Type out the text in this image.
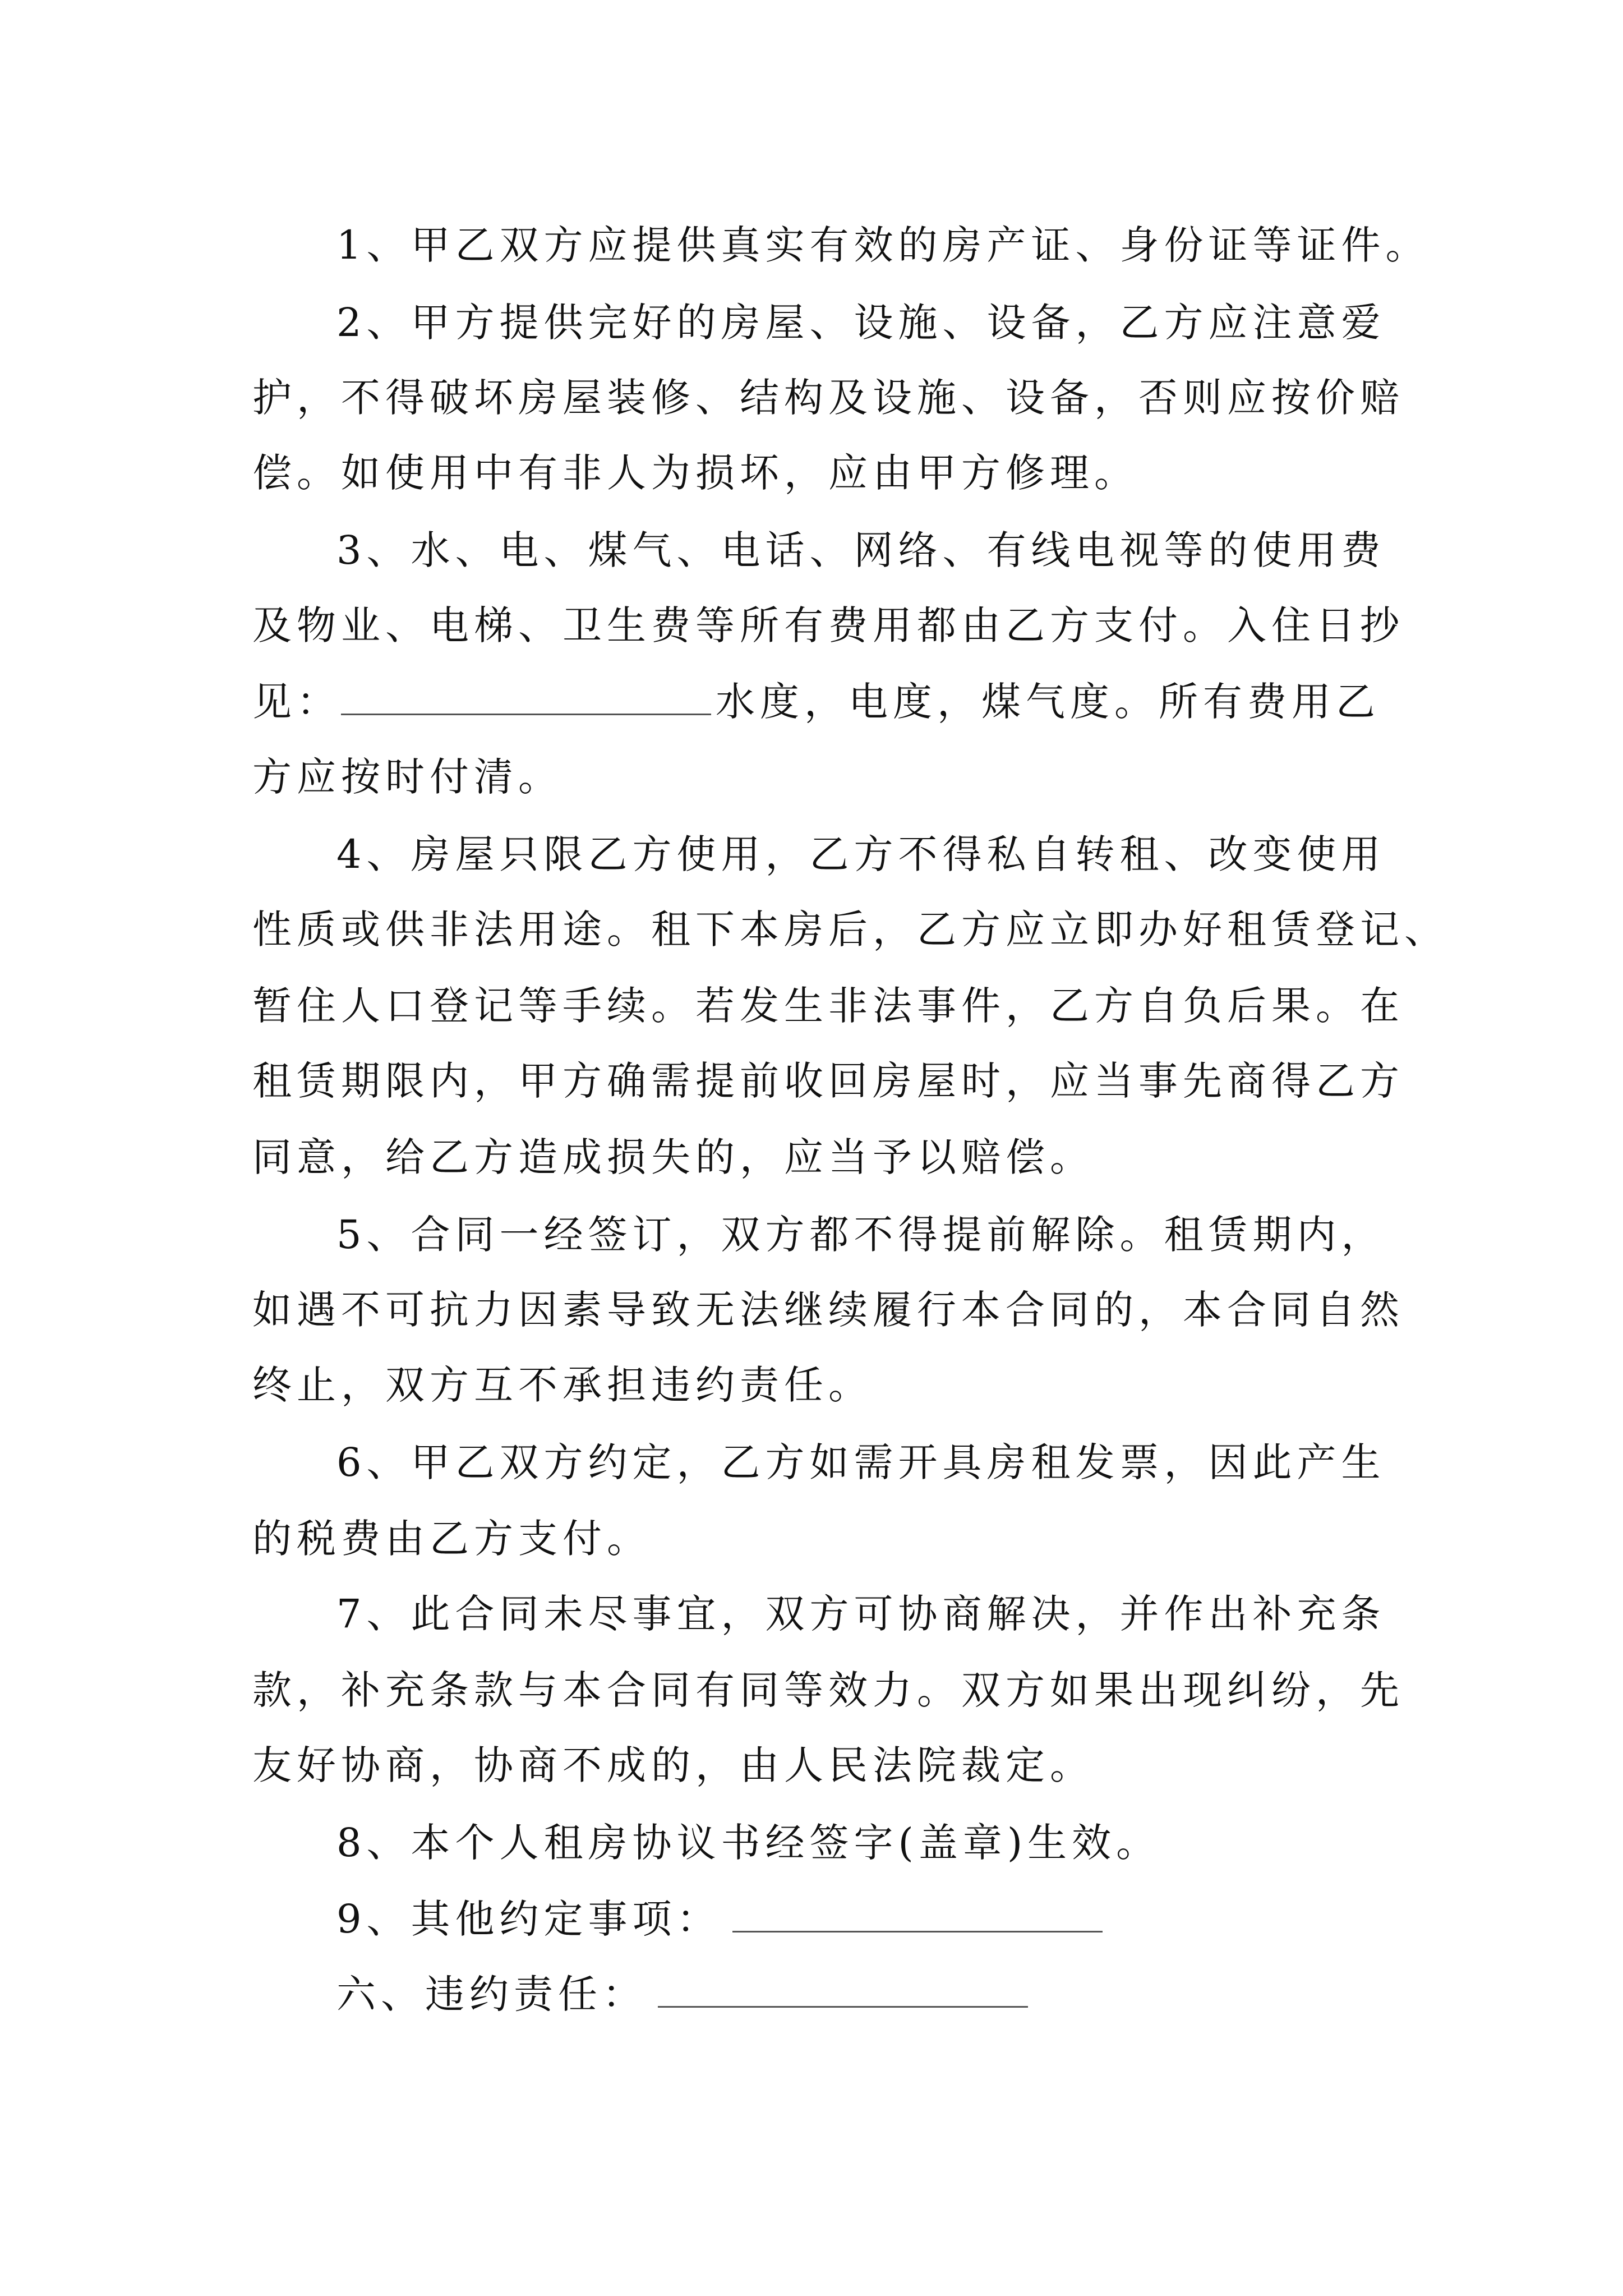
1、甲乙双方应提供真实有效的房产证、身份证等证件。
2、甲方提供完好的房屋、设施、设备，乙方应注意爱
护，不得破坏房屋装修、结构及设施、设备，否则应按价赔
偿。如使用中有非人为损坏，应由甲方修理。
3、水、电、煤气、电话、网络、有线电视等的使用费
及物业、电梯、卫生费等所有费用都由乙方支付。入住日抄
见：	水度，电度，煤气度。所有费用乙
方应按时付清。
4、房屋只限乙方使用，乙方不得私自转租、改变使用
性质或供非法用途。租下本房后，乙方应立即办好租赁登记、
暂住人口登记等手续。若发生非法事件，乙方自负后果。在
租赁期限内，甲方确需提前收回房屋时，应当事先商得乙方
同意，给乙方造成损失的，应当予以赔偿。
5、合同一经签订，双方都不得提前解除。租赁期内，
如遇不可抗力因素导致无法继续履行本合同的，本合同自然
终止，双方互不承担违约责任。
6、甲乙双方约定，乙方如需开具房租发票，因此产生
的税费由乙方支付。
7、此合同未尽事宜，双方可协商解决，并作出补充条
款，补充条款与本合同有同等效力。双方如果出现纠纷，先
友好协商，协商不成的，由人民法院裁定。
8、本个人租房协议书经签字(盖章)生效。
9、其他约定事项：
六、违约责任：
